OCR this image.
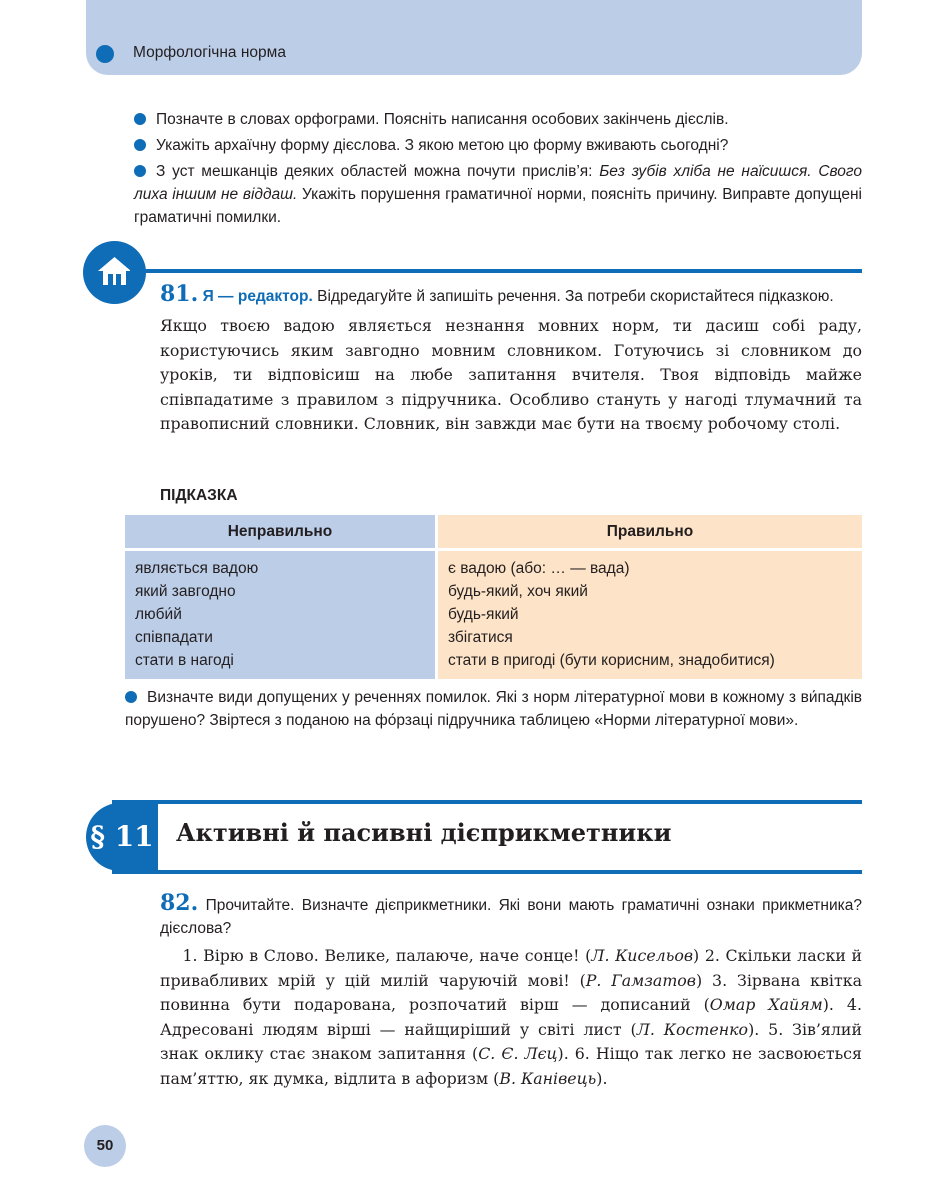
Морфологічна норма

Позначте в словах орфограми. Поясніть написання особових закінчень дієслів.

Укажіть архаїчну форму дієслова. З якою метою цю форму вживають сьогодні?

З уст мешканців деяких областей можна почути прислів’я: Без зубів хліба не наїсишся. Свого лиха іншим не віддаш. Укажіть порушення граматичної норми, поясніть причину. Виправте допущені граматичні помилки.

81. Я — редактор. Відредагуйте й запишіть речення. За потреби скористайтеся підказкою.
Якщо твоєю вадою являється незнання мовних норм, ти дасиш собі раду, користуючись яким завгодно мовним словником. Готуючись зі словником до уроків, ти відповісиш на любе запитання вчителя. Твоя відповідь майже співпадатиме з правилом з підручника. Особливо стануть у нагоді тлумачний та правописний словники. Словник, він завжди має бути на твоєму робочому столі.
ПІДКАЗКА
Неправильно	Правильно
являється вадою
який завгодно
люби́й
співпадати
стати в нагоді
є вадою (або: … — вада)
будь-який, хоч який
будь-який
збігатися
стати в пригоді (бути корисним, знадобитися)
Визначте види допущених у реченнях помилок. Які з норм літературної мови в кожному з ви́падків порушено? Звіртеся з поданою на фо́рзаці підручника таблицею «Норми літературної мови».
§ 11 Активні й пасивні дієприкметники
82. Прочитайте. Визначте дієприкметники. Які вони мають граматичні ознаки прикметника? дієслова?
1. Вірю в Слово. Велике, палаюче, наче сонце! (Л. Кисельов) 2. Скільки ласки й привабливих мрій у цій милій чаруючій мові! (Р. Гамзатов) 3. Зірвана квітка повинна бути подарована, розпочатий вірш — дописаний (Омар Хайям). 4. Адресовані людям вірші — найщиріший у світі лист (Л. Костенко). 5. Зів’ялий знак оклику стає знаком запитання (С. Є. Лєц). 6. Ніщо так легко не засвоюється пам’яттю, як думка, відлита в афоризм (В. Канівець).
50
